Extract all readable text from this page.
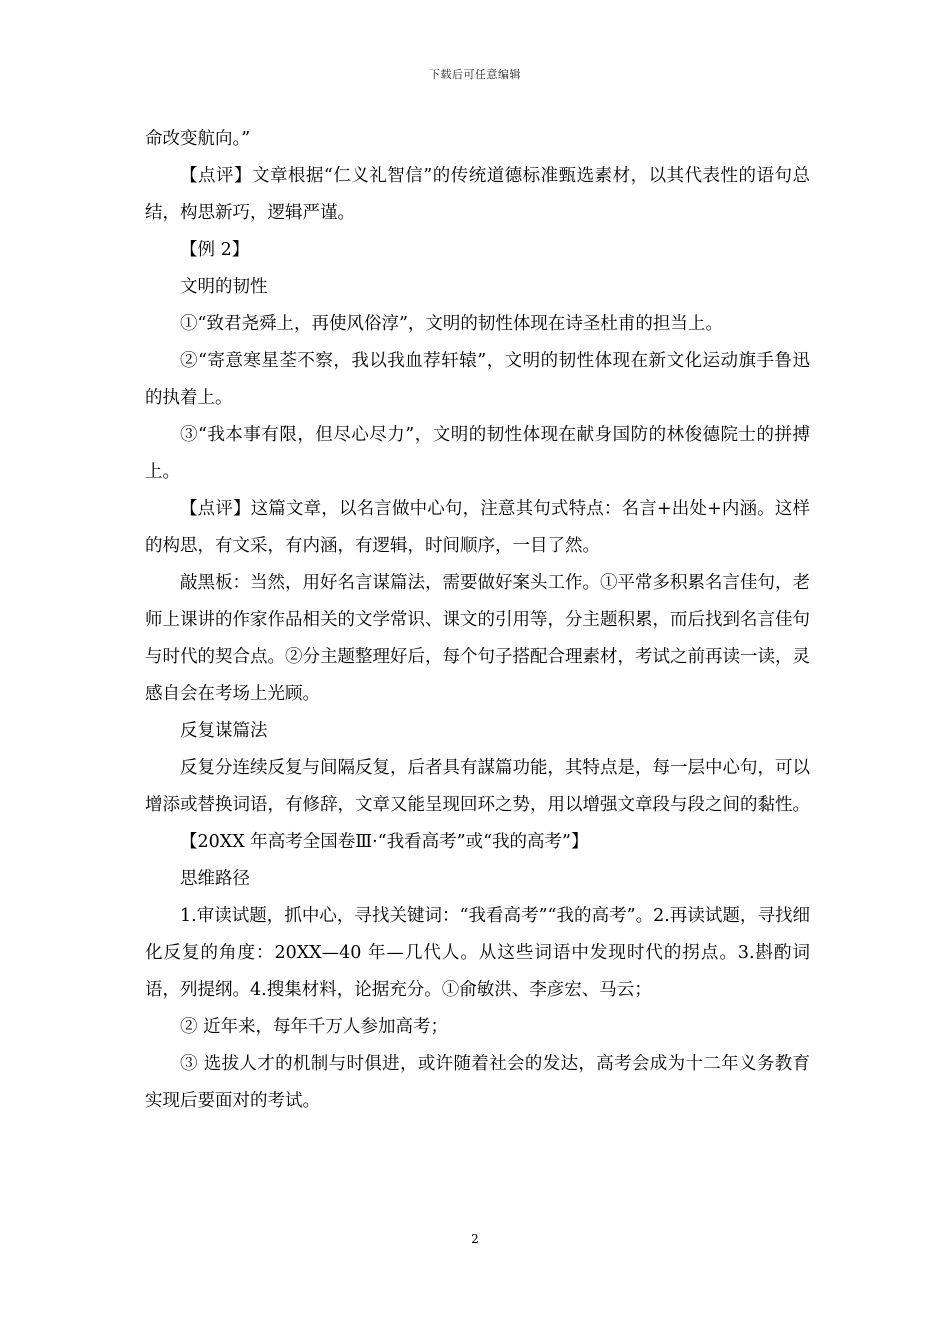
下载后可任意编辑

命改变航向。”

【点评】文章根据“仁义礼智信”的传统道德标准甄选素材，以其代表性的语句总结，构思新巧，逻辑严谨。

【例 2】

文明的韧性

①“致君尧舜上，再使风俗淳”，文明的韧性体现在诗圣杜甫的担当上。

②“寄意寒星荃不察，我以我血荐轩辕”，文明的韧性体现在新文化运动旗手鲁迅的执着上。

③“我本事有限，但尽心尽力”，文明的韧性体现在献身国防的林俊德院士的拼搏上。

【点评】这篇文章，以名言做中心句，注意其句式特点：名言+出处+内涵。这样的构思，有文采，有内涵，有逻辑，时间顺序，一目了然。

敲黑板：当然，用好名言谋篇法，需要做好案头工作。①平常多积累名言佳句，老师上课讲的作家作品相关的文学常识、课文的引用等，分主题积累，而后找到名言佳句与时代的契合点。②分主题整理好后，每个句子搭配合理素材，考试之前再读一读，灵感自会在考场上光顾。

反复谋篇法

反复分连续反复与间隔反复，后者具有謀篇功能，其特点是，每一层中心句，可以增添或替换词语，有修辞，文章又能呈现回环之势，用以增强文章段与段之间的黏性。

【20XX 年高考全国卷Ⅲ·“我看高考”或“我的高考”】

思维路径

1.审读试题，抓中心，寻找关键词：“我看高考”“我的高考”。2.再读试题，寻找细化反复的角度：20XX—40 年—几代人。从这些词语中发现时代的拐点。3.斟酌词语，列提纲。4.搜集材料，论据充分。①俞敏洪、李彦宏、马云；

② 近年来，每年千万人参加高考；

③ 选拔人才的机制与时俱进，或许随着社会的发达，高考会成为十二年义务教育实现后要面对的考试。

2
